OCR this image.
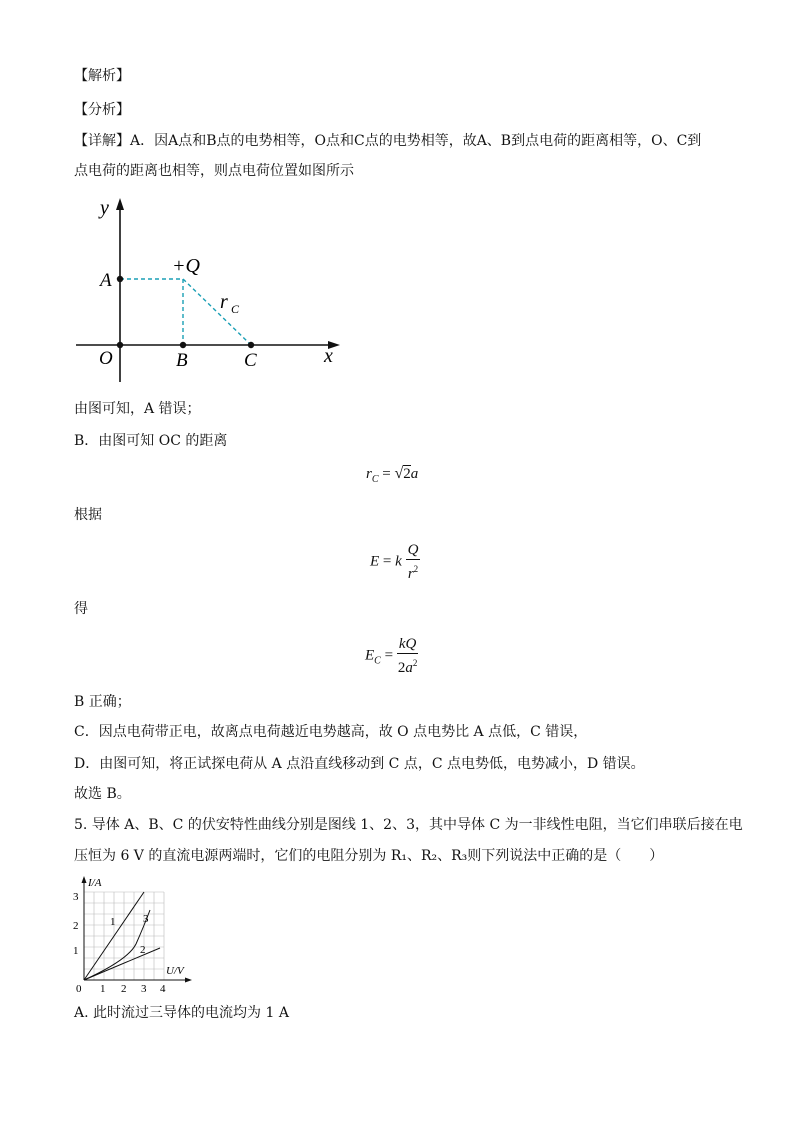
【解析】
【分析】
【详解】A．因A点和B点的电势相等，O点和C点的电势相等，故A、B到点电荷的距离相等，O、C到
点电荷的距离也相等，则点电荷位置如图所示
y
x
A
O	B	C
+Q
r C
由图可知，A 错误；
B．由图可知 OC 的距离
$r_C = √2a$
根据
E = k $\frac{Q}{r^2}$
得
$E_C = \frac{kQ}{2a^2}$
B 正确；
C．因点电荷带正电，故离点电荷越近电势越高，故 O 点电势比 A 点低，C 错误，
D．由图可知，将正试探电荷从 A 点沿直线移动到 C 点，C 点电势低，电势减小，D 错误。
故选 B。
5. 导体 A、B、C 的伏安特性曲线分别是图线 1、2、3，其中导体 C 为一非线性电阻，当它们串联后接在电
压恒为 6 V 的直流电源两端时，它们的电阻分别为 R₁、R₂、R₃则下列说法中正确的是（　　）
I/A
U/V
3
2
1
0 1 2 3 4
1
2
3
A. 此时流过三导体的电流均为 1 A
